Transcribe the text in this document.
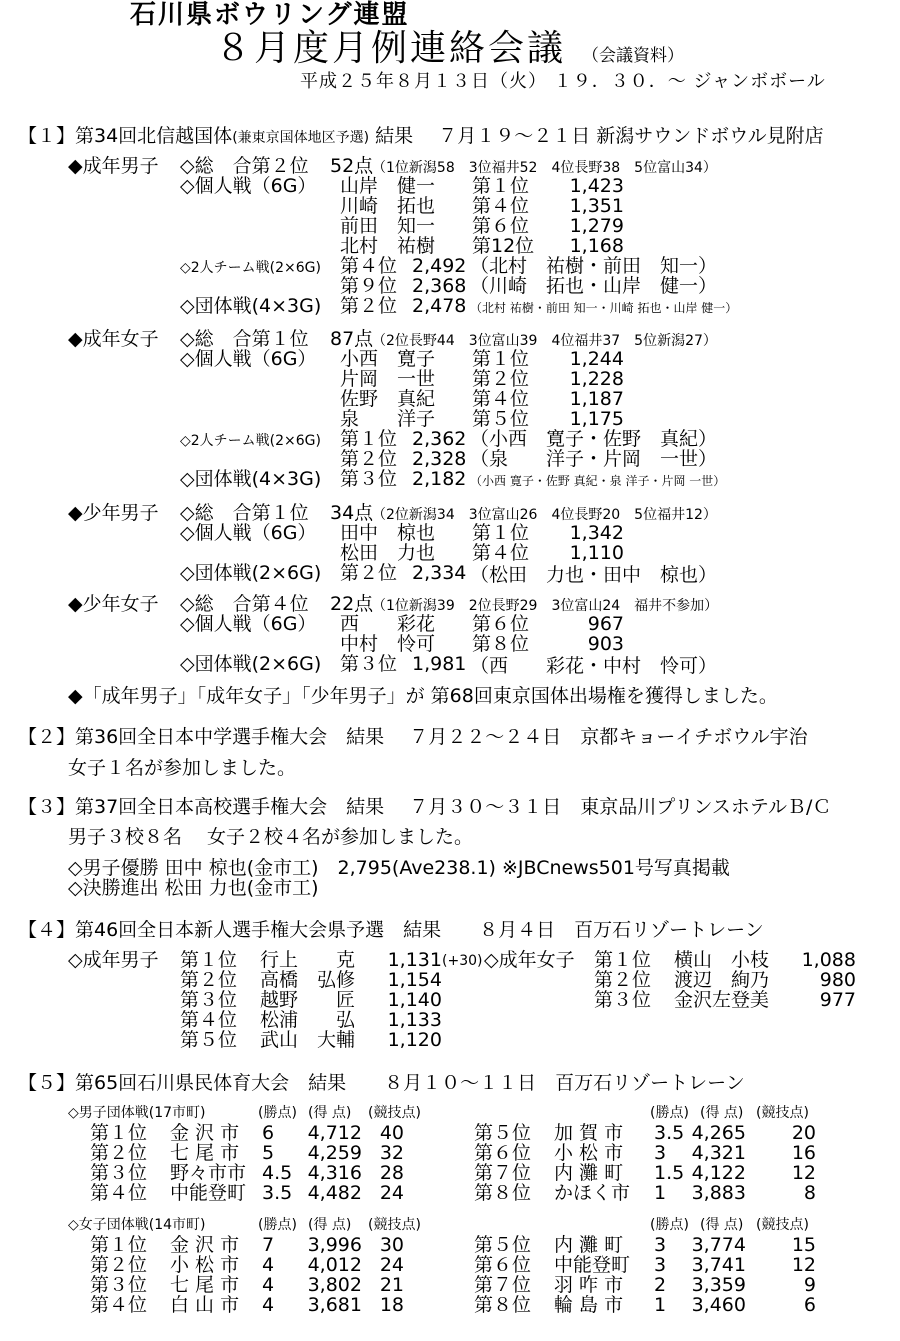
石川県ボウリング連盟
８月度月例連絡会議 （会議資料）
平成２５年８月１３日（火） １９．３０．～ ジャンボボール
【１】第34回北信越国体(兼東京国体地区予選) 結果　 ７月１９～２１日 新潟サウンドボウル見附店
◆成年男子 ◇総　合第２位 52点
（1位新潟58　3位福井52　4位長野38　5位富山34）
◇個人戦（6G） 山岸　健一 第１位	1,423
川崎　拓也 第４位	1,351
前田　知一 第６位	1,279
北村　祐樹 第12位	1,168
◇2人チーム戦(2×6G) 第４位 2,492 （北村　祐樹・前田　知一）
第９位 2,368 （川崎　拓也・山岸　健一）
◇団体戦(4×3G) 第２位 2,478 （北村 祐樹・前田 知一・川崎 拓也・山岸 健一）
◆成年女子 ◇総　合第１位 87点
（2位長野44　3位富山39　4位福井37　5位新潟27）
◇個人戦（6G） 小西　寛子 第１位	1,244
片岡　一世 第２位	1,228
佐野　真紀 第４位	1,187
泉　　洋子 第５位	1,175
◇2人チーム戦(2×6G) 第１位 2,362 （小西　寛子・佐野　真紀）
第２位 2,328 （泉　　洋子・片岡　一世）
◇団体戦(4×3G) 第３位 2,182 （小西 寛子・佐野 真紀・泉 洋子・片岡 一世）
◆少年男子 ◇総　合第１位 34点
（2位新潟34　3位富山26　4位長野20　5位福井12）
◇個人戦（6G） 田中　椋也 第１位	1,342
松田　力也 第４位	1,110
◇団体戦(2×6G) 第２位 2,334 （松田　力也・田中　椋也）
◆少年女子 ◇総　合第４位 22点
（1位新潟39　2位長野29　3位富山24　福井不参加）
◇個人戦（6G） 西　　彩花 第６位	967
中村　怜可 第８位	903
◇団体戦(2×6G) 第３位 1,981 （西　　彩花・中村　怜可）
◆「成年男子」「成年女子」「少年男子」が 第68回東京国体出場権を獲得しました。
【２】第36回全日本中学選手権大会　結果　 ７月２２～２４日　京都キョーイチボウル宇治
女子１名が参加しました。
【３】第37回全日本高校選手権大会　結果　 ７月３０～３１日　東京品川プリンスホテルＢ/Ｃ
男子３校８名　 女子２校４名が参加しました。
◇男子優勝 田中 椋也(金市工)　2,795(Ave238.1) ※JBCnews501号写真掲載
◇決勝進出 松田 力也(金市工)
【４】第46回全日本新人選手権大会県予選　結果　　８月４日　百万石リゾートレーン
◇成年男子	◇成年女子
第１位 行上　　克	1,131 (+30)
第２位 高橋　弘修	1,154
第３位 越野　　匠	1,140
第４位 松浦　　弘	1,133
第５位 武山　大輔	1,120
第１位 横山　小枝	1,088
第２位 渡辺　絢乃	980
第３位 金沢左登美	977
【５】第65回石川県民体育大会　結果　　８月１０～１１日　百万石リゾートレーン
◇男子団体戦(17市町)	(勝点) (得 点) (競技点)	(勝点) (得 点) (競技点)
第１位 金 沢 市 6	4,712 40
第２位 七 尾 市 5	4,259 32
第３位 野々市市 4.5 4,316 28
第４位 中能登町 3.5 4,482 24
第５位 加 賀 市 3.5 4,265	20
第６位 小 松 市 3	4,321	16
第７位 内 灘 町 1.5 4,122	12
第８位 かほく市 1	3,883	8
◇女子団体戦(14市町)	(勝点) (得 点) (競技点)	(勝点) (得 点) (競技点)
第１位 金 沢 市 7	3,996 30
第２位 小 松 市 4	4,012 24
第３位 七 尾 市 4	3,802 21
第４位 白 山 市 4	3,681 18
第５位 内 灘 町 3	3,774	15
第６位 中能登町 3	3,741	12
第７位 羽 咋 市 2	3,359	9
第８位 輪 島 市 1	3,460	6
